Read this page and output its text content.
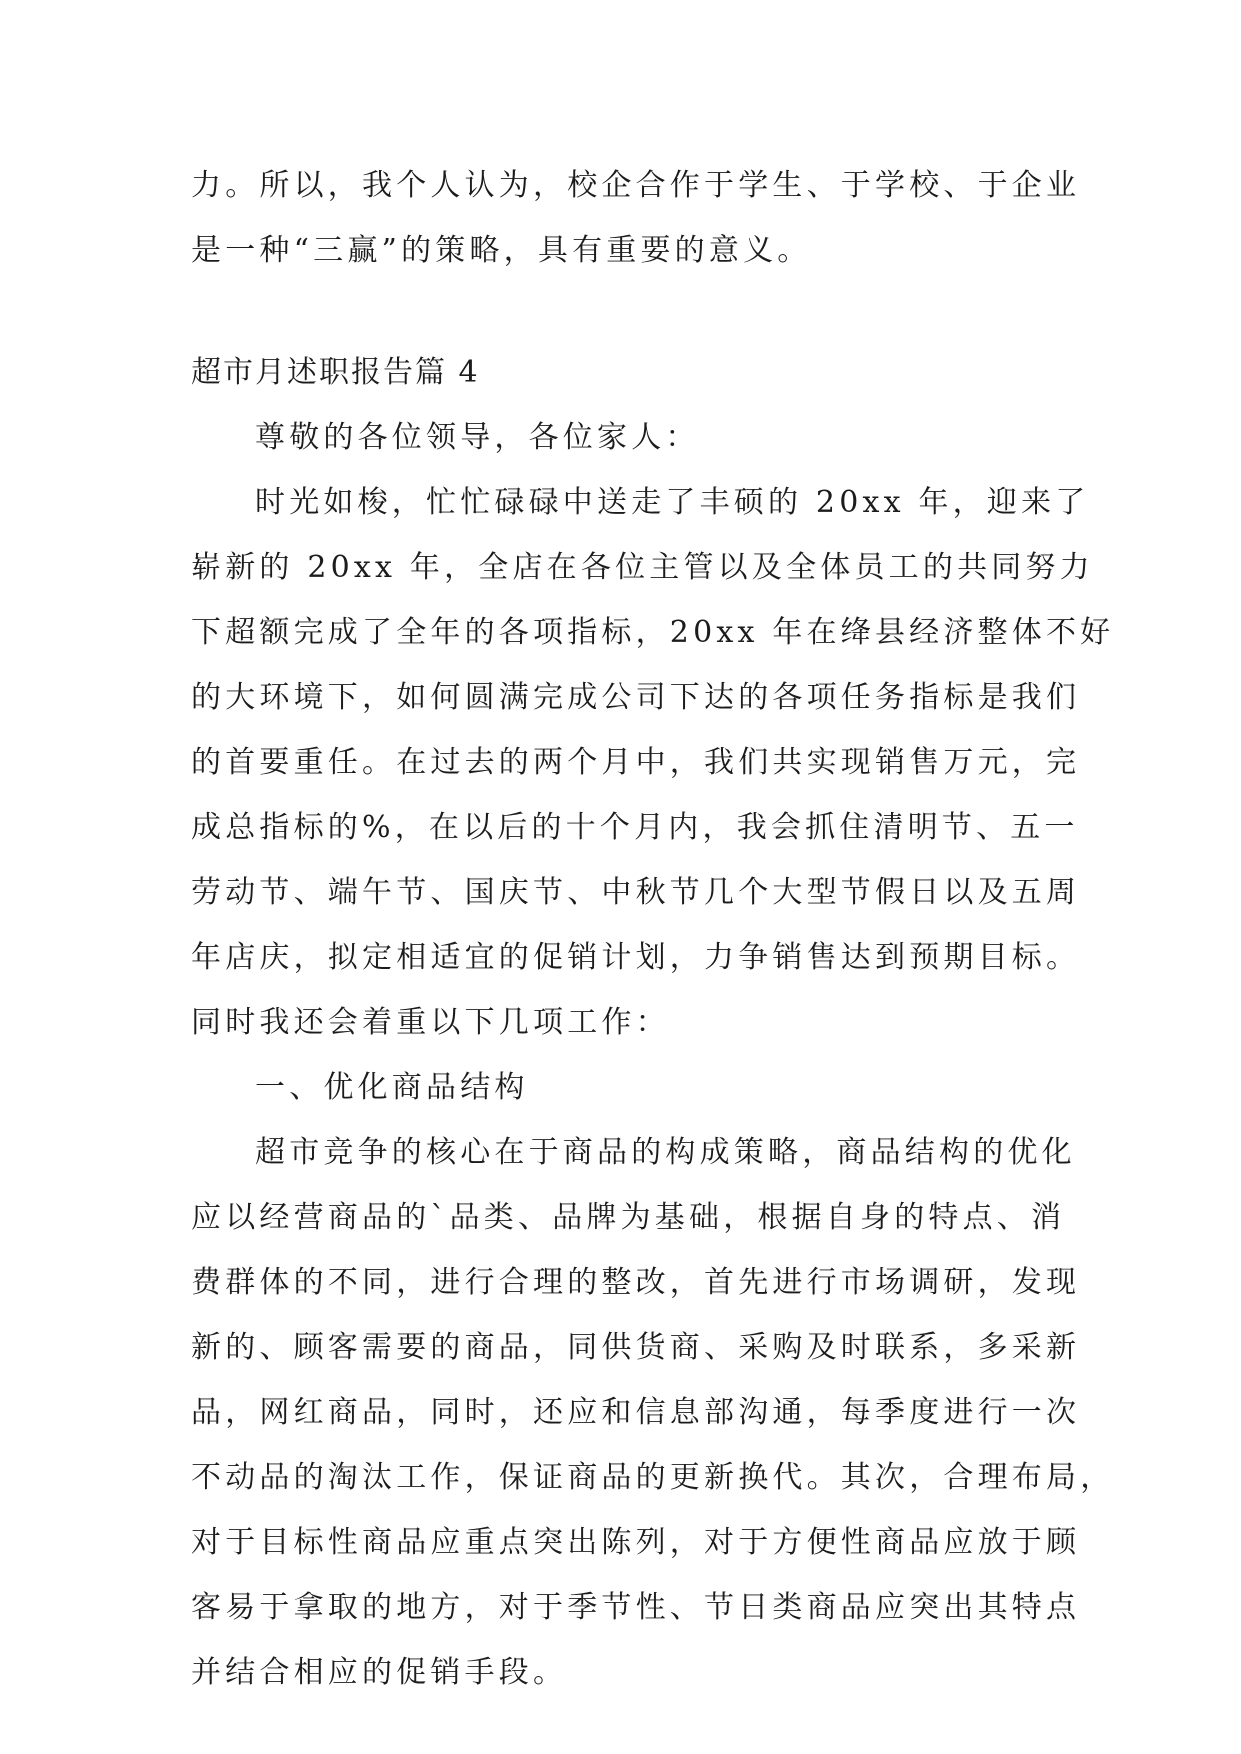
力。所以，我个人认为，校企合作于学生、于学校、于企业
是一种“三赢”的策略，具有重要的意义。
超市月述职报告篇 4
尊敬的各位领导，各位家人：
时光如梭，忙忙碌碌中送走了丰硕的 20xx 年，迎来了
崭新的 20xx 年，全店在各位主管以及全体员工的共同努力
下超额完成了全年的各项指标，20xx 年在绛县经济整体不好
的大环境下，如何圆满完成公司下达的各项任务指标是我们
的首要重任。在过去的两个月中，我们共实现销售万元，完
成总指标的%，在以后的十个月内，我会抓住清明节、五一
劳动节、端午节、国庆节、中秋节几个大型节假日以及五周
年店庆，拟定相适宜的促销计划，力争销售达到预期目标。
同时我还会着重以下几项工作：
一、优化商品结构
超市竞争的核心在于商品的构成策略，商品结构的优化
应以经营商品的`品类、品牌为基础，根据自身的特点、消
费群体的不同，进行合理的整改，首先进行市场调研，发现
新的、顾客需要的商品，同供货商、采购及时联系，多采新
品，网红商品，同时，还应和信息部沟通，每季度进行一次
不动品的淘汰工作，保证商品的更新换代。其次，合理布局，
对于目标性商品应重点突出陈列，对于方便性商品应放于顾
客易于拿取的地方，对于季节性、节日类商品应突出其特点
并结合相应的促销手段。
